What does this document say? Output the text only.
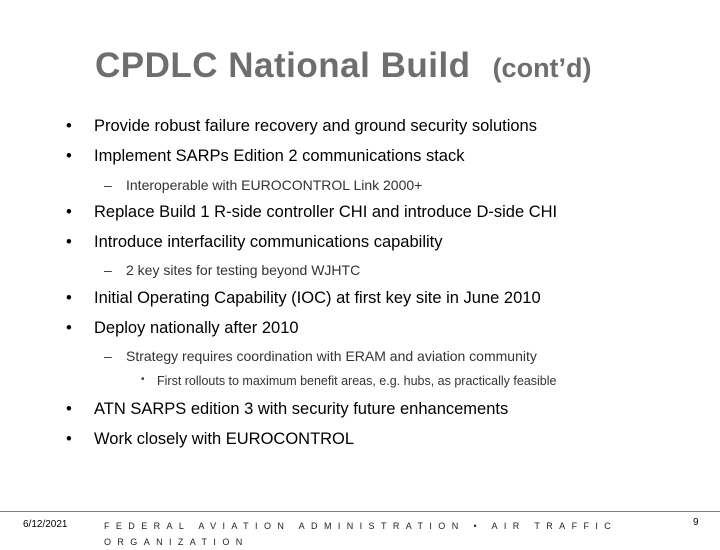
CPDLC National Build (cont’d)
• Provide robust failure recovery and ground security solutions
• Implement SARPs Edition 2 communications stack
– Interoperable with EUROCONTROL Link 2000+
• Replace Build 1 R-side controller CHI and introduce D-side CHI
• Introduce interfacility communications capability
– 2 key sites for testing beyond WJHTC
• Initial Operating Capability (IOC) at first key site in June 2010
• Deploy nationally after 2010
– Strategy requires coordination with ERAM and aviation community
• First rollouts to maximum benefit areas, e.g. hubs, as practically feasible
• ATN SARPS edition 3 with security future enhancements
• Work closely with EUROCONTROL
6/12/2021	FEDERAL AVIATION ADMINISTRATION • AIR TRAFFIC ORGANIZATION
9
